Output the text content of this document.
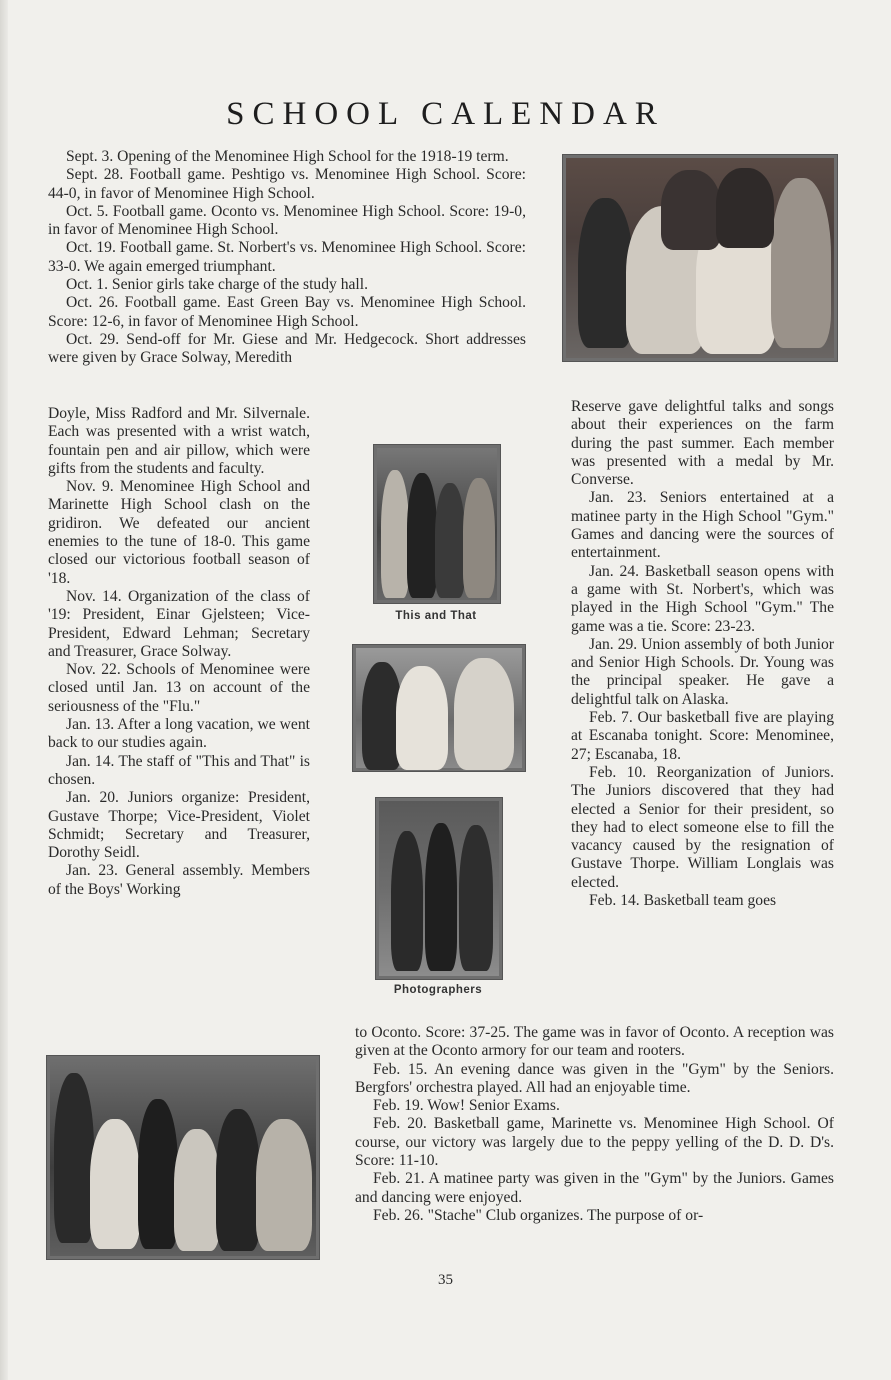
SCHOOL CALENDAR

Sept. 3. Opening of the Menominee High School for the 1918-19 term.

Sept. 28. Football game. Peshtigo vs. Menominee High School. Score: 44-0, in favor of Menominee High School.

Oct. 5. Football game. Oconto vs. Menominee High School. Score: 19-0, in favor of Menominee High School.

Oct. 19. Football game. St. Norbert's vs. Menominee High School. Score: 33-0. We again emerged triumphant.

Oct. 1. Senior girls take charge of the study hall.

Oct. 26. Football game. East Green Bay vs. Menominee High School. Score: 12-6, in favor of Menominee High School.

Oct. 29. Send-off for Mr. Giese and Mr. Hedgecock. Short addresses were given by Grace Solway, Meredith

Doyle, Miss Radford and Mr. Silvernale. Each was presented with a wrist watch, fountain pen and air pillow, which were gifts from the students and faculty.

Nov. 9. Menominee High School and Marinette High School clash on the gridiron. We defeated our ancient enemies to the tune of 18-0. This game closed our victorious football season of '18.

Nov. 14. Organization of the class of '19: President, Einar Gjelsteen; Vice-President, Edward Lehman; Secretary and Treasurer, Grace Solway.

Nov. 22. Schools of Menominee were closed until Jan. 13 on account of the seriousness of the "Flu."

Jan. 13. After a long vacation, we went back to our studies again.

Jan. 14. The staff of "This and That" is chosen.

Jan. 20. Juniors organize: President, Gustave Thorpe; Vice-President, Violet Schmidt; Secretary and Treasurer, Dorothy Seidl.

Jan. 23. General assembly. Members of the Boys' Working

Reserve gave delightful talks and songs about their experiences on the farm during the past summer. Each member was presented with a medal by Mr. Converse.

Jan. 23. Seniors entertained at a matinee party in the High School "Gym." Games and dancing were the sources of entertainment.

Jan. 24. Basketball season opens with a game with St. Norbert's, which was played in the High School "Gym." The game was a tie. Score: 23-23.

Jan. 29. Union assembly of both Junior and Senior High Schools. Dr. Young was the principal speaker. He gave a delightful talk on Alaska.

Feb. 7. Our basketball five are playing at Escanaba tonight. Score: Menominee, 27; Escanaba, 18.

Feb. 10. Reorganization of Juniors. The Juniors discovered that they had elected a Senior for their president, so they had to elect someone else to fill the vacancy caused by the resignation of Gustave Thorpe. William Longlais was elected.

Feb. 14. Basketball team goes

to Oconto. Score: 37-25. The game was in favor of Oconto. A reception was given at the Oconto armory for our team and rooters.

Feb. 15. An evening dance was given in the "Gym" by the Seniors. Bergfors' orchestra played. All had an enjoyable time.

Feb. 19. Wow! Senior Exams.

Feb. 20. Basketball game, Marinette vs. Menominee High School. Of course, our victory was largely due to the peppy yelling of the D. D. D's. Score: 11-10.

Feb. 21. A matinee party was given in the "Gym" by the Juniors. Games and dancing were enjoyed.

Feb. 26. "Stache" Club organizes. The purpose of or-

This and That
Photographers
35
